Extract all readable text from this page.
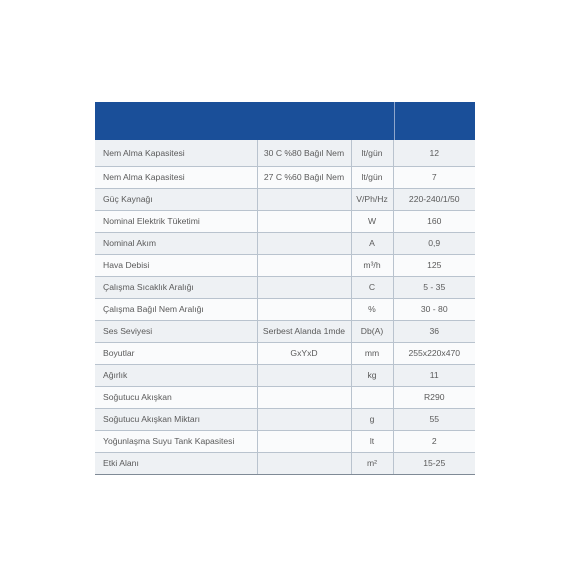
Nem Alma Kapasitesi	30 C %80 Bağıl Nem	lt/gün	12
Nem Alma Kapasitesi	27 C %60 Bağıl Nem	lt/gün	7
Güç Kaynağı		V/Ph/Hz	220-240/1/50
Nominal Elektrik Tüketimi		W	160
Nominal Akım		A	0,9
Hava Debisi		m³/h	125
Çalışma Sıcaklık Aralığı		C	5 - 35
Çalışma Bağıl Nem Aralığı		%	30 - 80
Ses Seviyesi	Serbest Alanda 1mde	Db(A)	36
Boyutlar	GxYxD	mm	255x220x470
Ağırlık		kg	11
Soğutucu Akışkan			R290
Soğutucu Akışkan Miktarı		g	55
Yoğunlaşma Suyu Tank Kapasitesi		lt	2
Etki Alanı		m²	15-25
